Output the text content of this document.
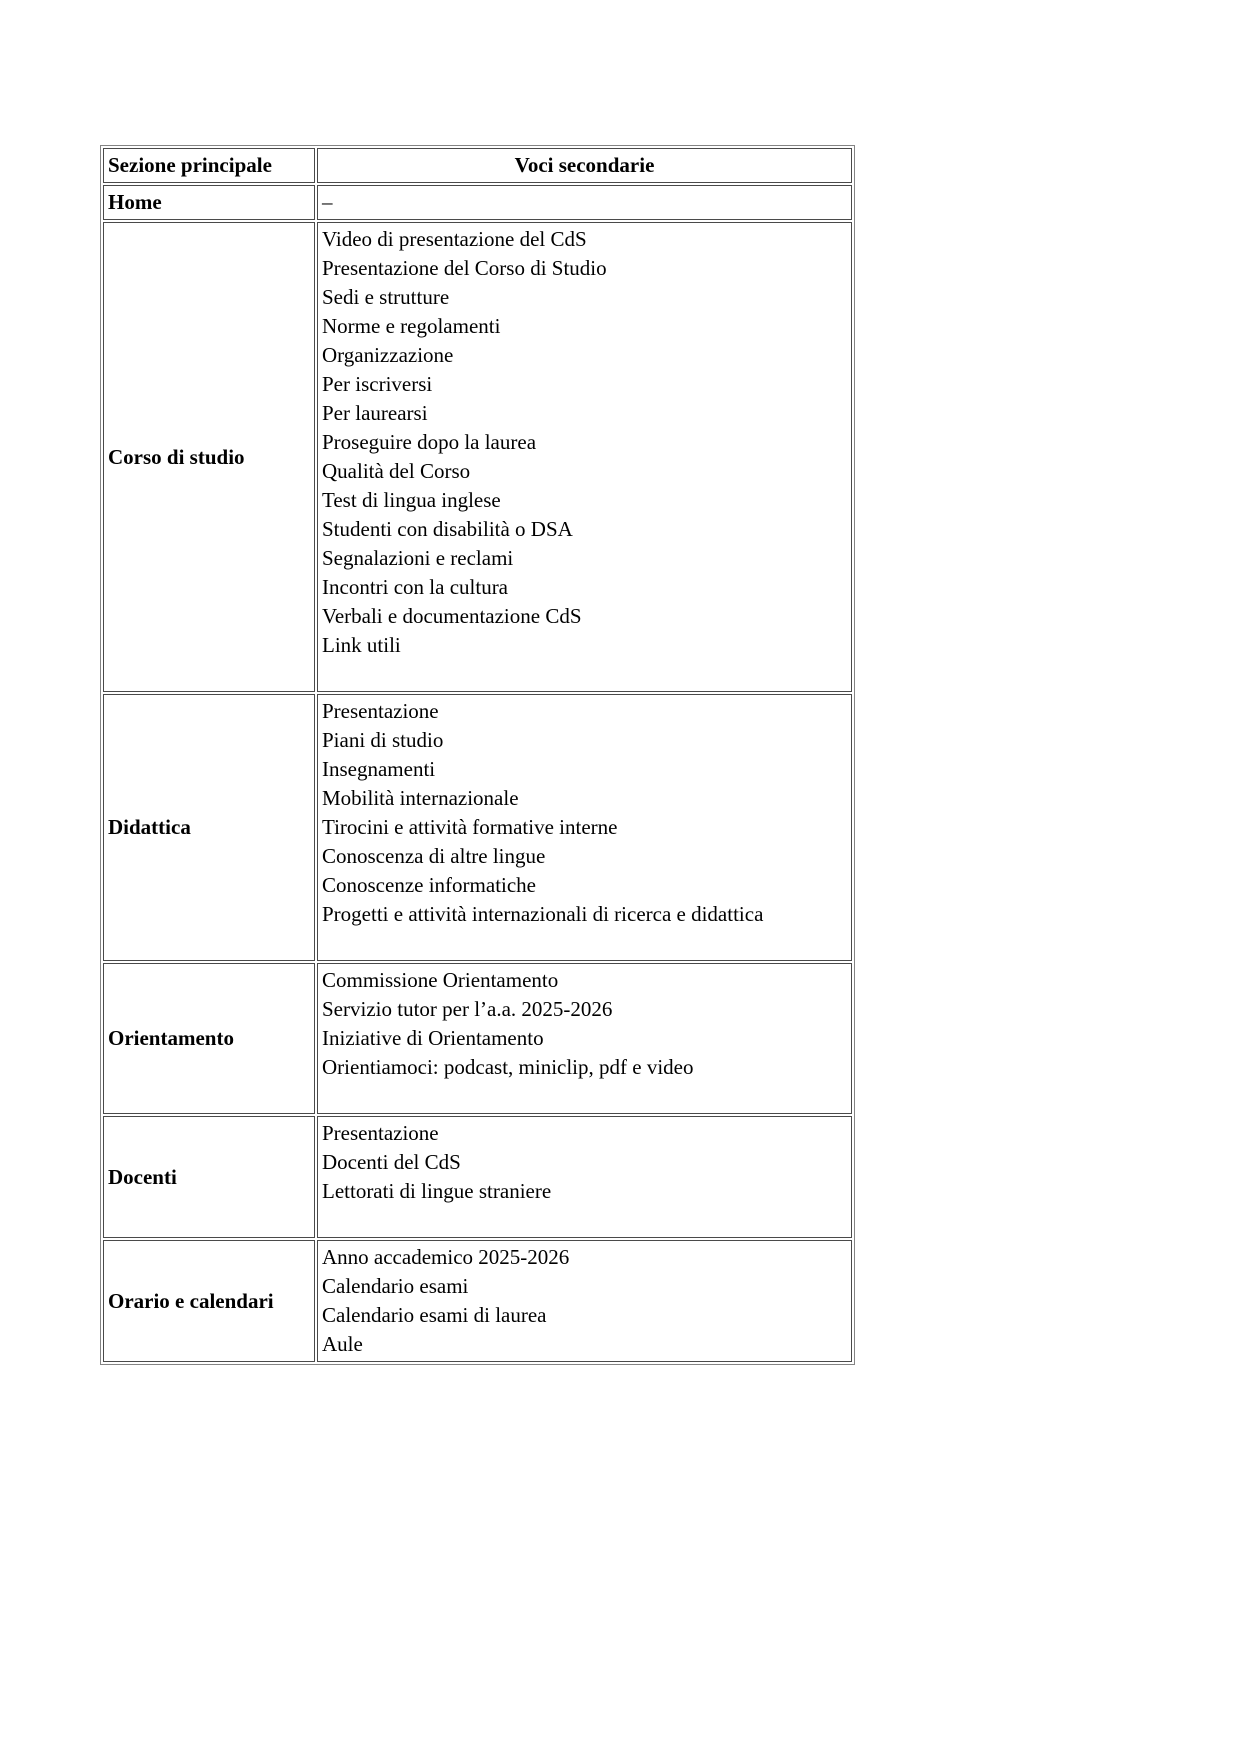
Sezione principale	Voci secondarie
Home	–
Corso di studio	Video di presentazione del CdS
Presentazione del Corso di Studio
Sedi e strutture
Norme e regolamenti
Organizzazione
Per iscriversi
Per laurearsi
Proseguire dopo la laurea
Qualità del Corso
Test di lingua inglese
Studenti con disabilità o DSA
Segnalazioni e reclami
Incontri con la cultura
Verbali e documentazione CdS
Link utili
Didattica	Presentazione
Piani di studio
Insegnamenti
Mobilità internazionale
Tirocini e attività formative interne
Conoscenza di altre lingue
Conoscenze informatiche
Progetti e attività internazionali di ricerca e didattica
Orientamento	Commissione Orientamento
Servizio tutor per l’a.a. 2025-2026
Iniziative di Orientamento
Orientiamoci: podcast, miniclip, pdf e video
Docenti	Presentazione
Docenti del CdS
Lettorati di lingue straniere
Orario e calendari	Anno accademico 2025-2026
Calendario esami
Calendario esami di laurea
Aule
